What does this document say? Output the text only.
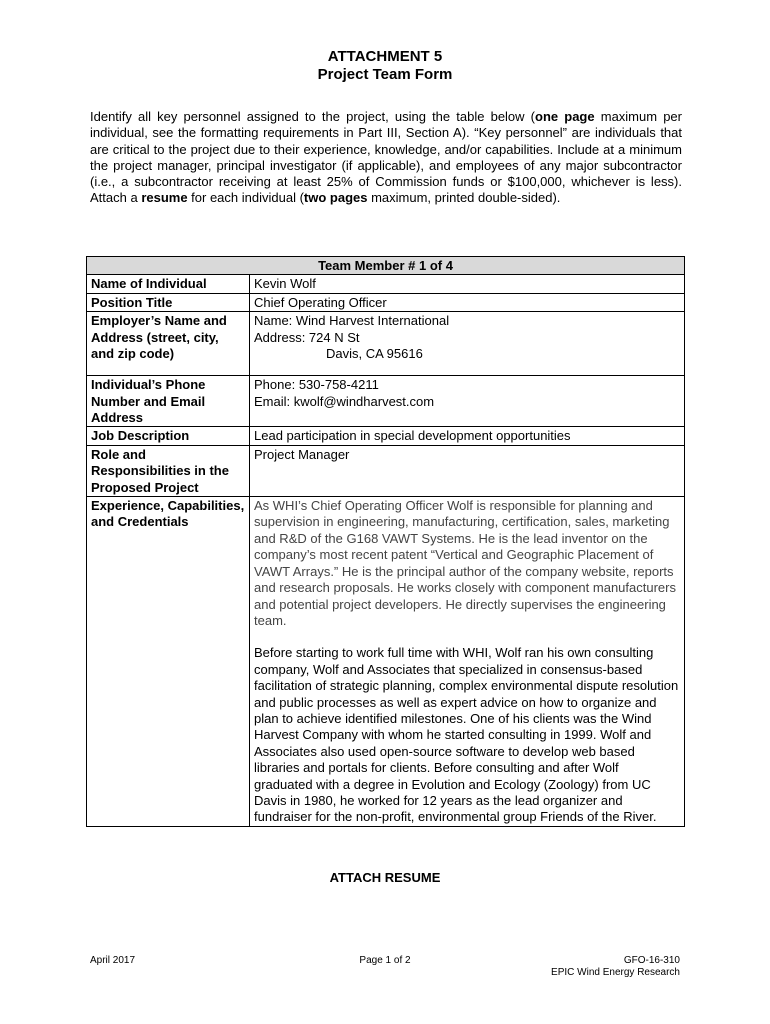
ATTACHMENT 5
Project Team Form
Identify all key personnel assigned to the project, using the table below (one page maximum per individual, see the formatting requirements in Part III, Section A). “Key personnel” are individuals that are critical to the project due to their experience, knowledge, and/or capabilities. Include at a minimum the project manager, principal investigator (if applicable), and employees of any major subcontractor (i.e., a subcontractor receiving at least 25% of Commission funds or $100,000, whichever is less). Attach a resume for each individual (two pages maximum, printed double-sided).
Team Member # 1 of 4	
Name of Individual	Kevin Wolf
Position Title	Chief Operating Officer
Employer’s Name and Address (street, city, and zip code)	Name: Wind Harvest International
Address: 724 N St
Davis, CA 95616

Individual’s Phone Number and Email Address	Phone: 530-758-4211
Email: kwolf@windharvest.com

Job Description	Lead participation in special development opportunities
Role and Responsibilities in the Proposed Project	Project Manager
Experience, Capabilities, and Credentials	As WHI’s Chief Operating Officer Wolf is responsible for planning and supervision in engineering, manufacturing, certification, sales, marketing and R&D of the G168 VAWT Systems. He is the lead inventor on the company’s most recent patent “Vertical and Geographic Placement of VAWT Arrays.” He is the principal author of the company website, reports and research proposals. He works closely with component manufacturers and potential project developers. He directly supervises the engineering team.
Before starting to work full time with WHI, Wolf ran his own consulting company, Wolf and Associates that specialized in consensus-based facilitation of strategic planning, complex environmental dispute resolution and public processes as well as expert advice on how to organize and plan to achieve identified milestones. One of his clients was the Wind Harvest Company with whom he started consulting in 1999. Wolf and Associates also used open-source software to develop web based libraries and portals for clients. Before consulting and after Wolf graduated with a degree in Evolution and Ecology (Zoology) from UC Davis in 1980, he worked for 12 years as the lead organizer and fundraiser for the non-profit, environmental group Friends of the River.
ATTACH RESUME
April 2017	Page 1 of 2	GFO-16-310
EPIC Wind Energy Research
